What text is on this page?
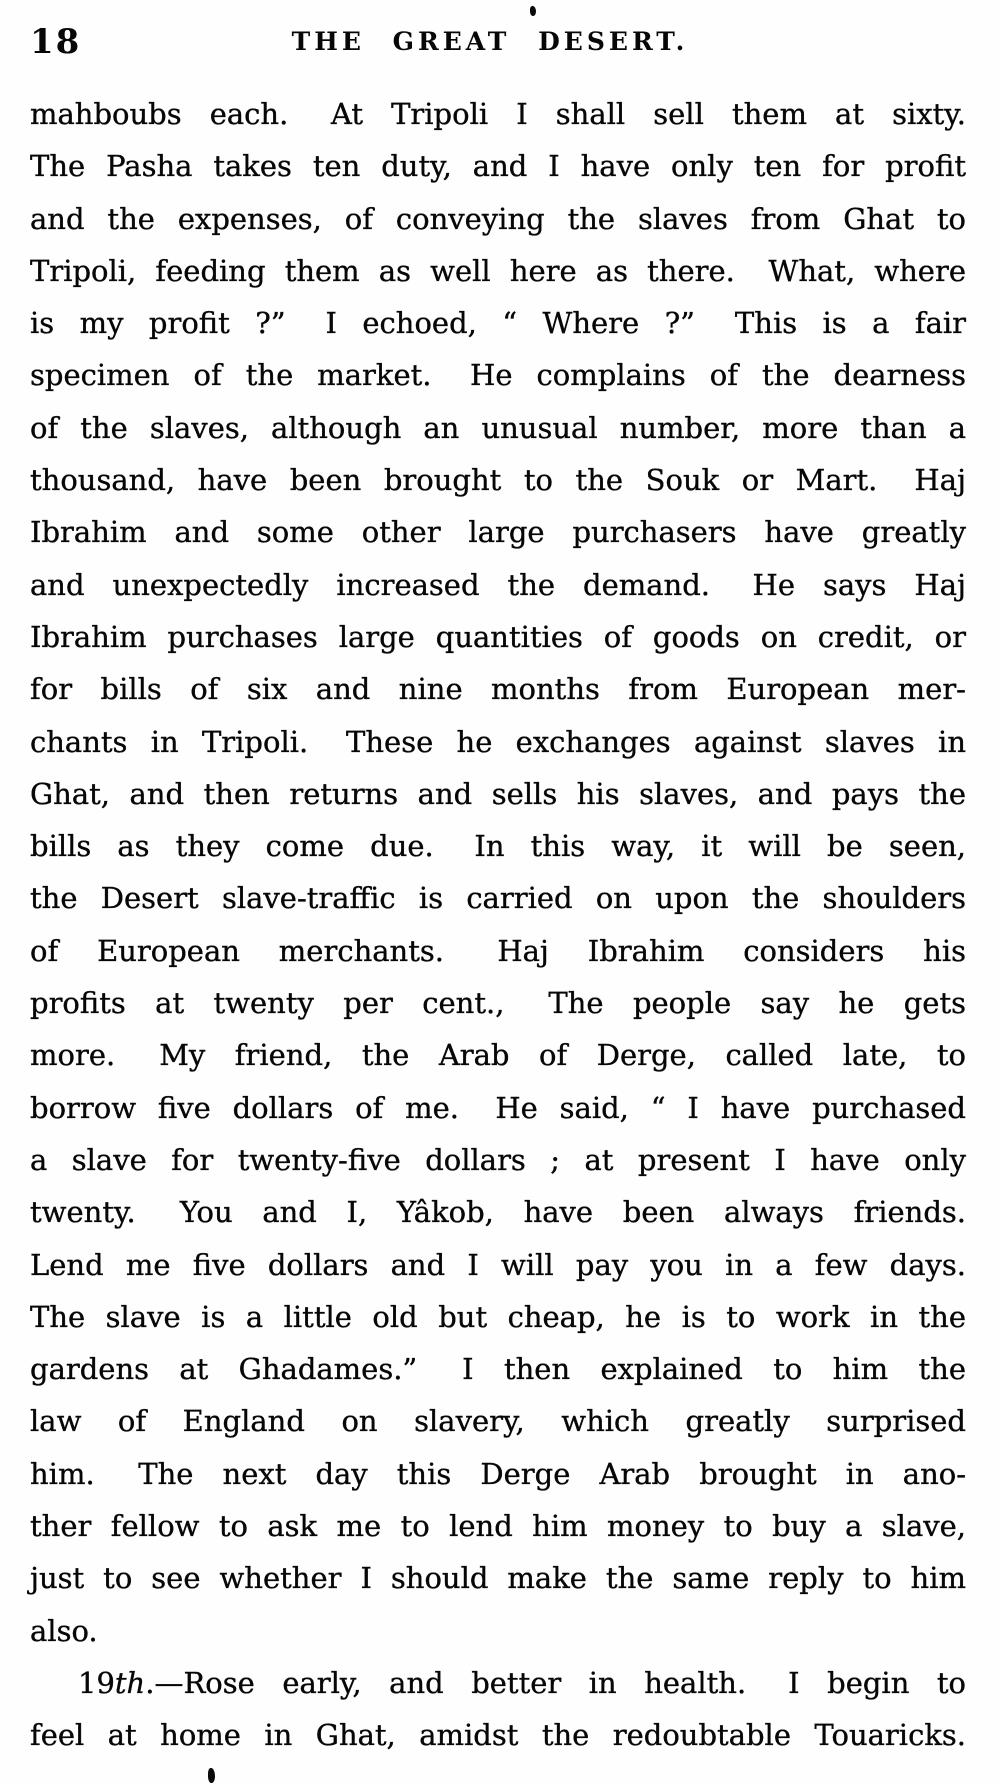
18	THE GREAT DESERT.
mahboubs each.  At Tripoli I shall sell them at sixty.
The Pasha takes ten duty, and I have only ten for profit
and the expenses, of conveying the slaves from Ghat to
Tripoli, feeding them as well here as there.  What, where
is my profit ?”  I echoed, “ Where ?”  This is a fair
specimen of the market.  He complains of the dearness
of the slaves, although an unusual number, more than a
thousand, have been brought to the Souk or Mart.  Haj
Ibrahim and some other large purchasers have greatly
and unexpectedly increased the demand.  He says Haj
Ibrahim purchases large quantities of goods on credit, or
for bills of six and nine months from European mer-
chants in Tripoli.  These he exchanges against slaves in
Ghat, and then returns and sells his slaves, and pays the
bills as they come due.  In this way, it will be seen,
the Desert slave-traffic is carried on upon the shoulders
of European merchants.  Haj Ibrahim considers his
profits at twenty per cent.,  The people say he gets
more.  My friend, the Arab of Derge, called late, to
borrow five dollars of me.  He said, “ I have purchased
a slave for twenty-five dollars ; at present I have only
twenty.  You and I, Yâkob, have been always friends.
Lend me five dollars and I will pay you in a few days.
The slave is a little old but cheap, he is to work in the
gardens at Ghadames.”  I then explained to him the
law of England on slavery, which greatly surprised
him.  The next day this Derge Arab brought in ano-
ther fellow to ask me to lend him money to buy a slave,
just to see whether I should make the same reply to him
also.
19th.—Rose early, and better in health.  I begin to
feel at home in Ghat, amidst the redoubtable Touaricks.
